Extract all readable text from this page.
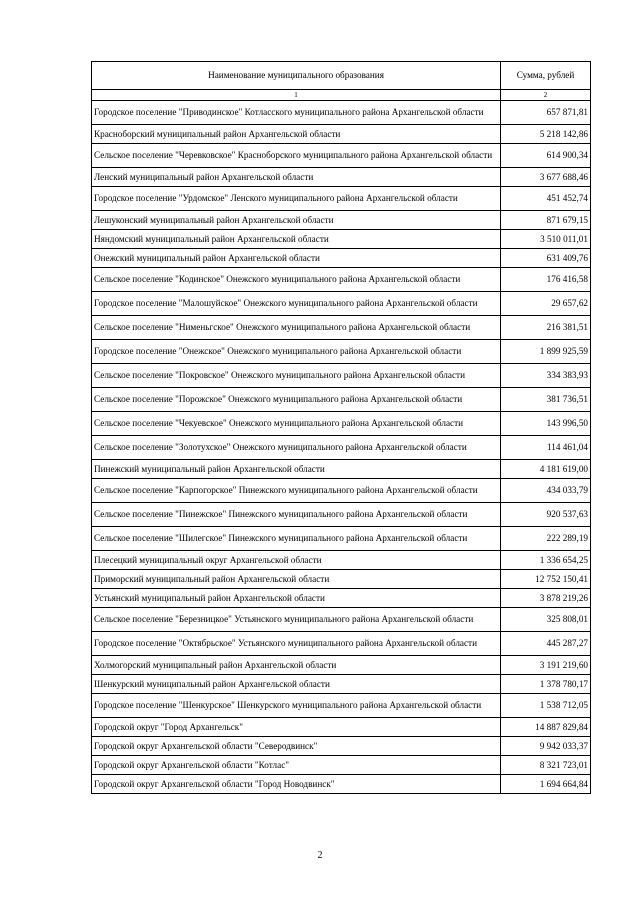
Наименование муниципального образования	Сумма, рублей
1	2
Городское поселение "Приводинское" Котласского муниципального района Архангельской области	657 871,81
Красноборский муниципальный район Архангельской области	5 218 142,86
Сельское поселение "Черевковское" Красноборского муниципального района Архангельской области	614 900,34
Ленский муниципальный район Архангельской области	3 677 688,46
Городское поселение "Урдомское" Ленского муниципального района Архангельской области	451 452,74
Лешуконский муниципальный район Архангельской области	871 679,15
Няндомский муниципальный район Архангельской области	3 510 011,01
Онежский муниципальный район Архангельской области	631 409,76
Сельское поселение "Кодинское" Онежского муниципального района Архангельской области	176 416,58
Городское поселение "Малошуйское" Онежского муниципального района Архангельской области	29 657,62
Сельское поселение "Нименьгское" Онежского муниципального района Архангельской области	216 381,51
Городское поселение "Онежское" Онежского муниципального района Архангельской области	1 899 925,59
Сельское поселение "Покровское" Онежского муниципального района Архангельской области	334 383,93
Сельское поселение "Порожское" Онежского муниципального района Архангельской области	381 736,51
Сельское поселение "Чекуевское" Онежского муниципального района Архангельской области	143 996,50
Сельское поселение "Золотухское" Онежского муниципального района Архангельской области	114 461,04
Пинежский муниципальный район Архангельской области	4 181 619,00
Сельское поселение "Карпогорское" Пинежского муниципального района Архангельской области	434 033,79
Сельское поселение "Пинежское" Пинежского муниципального района Архангельской области	920 537,63
Сельское поселение "Шилегское" Пинежского муниципального района Архангельской области	222 289,19
Плесецкий муниципальный округ Архангельской области	1 336 654,25
Приморский муниципальный район Архангельской области	12 752 150,41
Устьянский муниципальный район Архангельской области	3 878 219,26
Сельское поселение "Березницкое" Устьянского муниципального района Архангельской области	325 808,01
Городское поселение "Октябрьское" Устьянского муниципального района Архангельской области	445 287,27
Холмогорский муниципальный район Архангельской области	3 191 219,60
Шенкурский муниципальный район Архангельской области	1 378 780,17
Городское поселение "Шенкурское" Шенкурского муниципального района Архангельской области	1 538 712,05
Городской округ "Город Архангельск"	14 887 829,84
Городской округ Архангельской области "Северодвинск"	9 942 033,37
Городской округ Архангельской области "Котлас"	8 321 723,01
Городской округ Архангельской области "Город Новодвинск"	1 694 664,84
2
